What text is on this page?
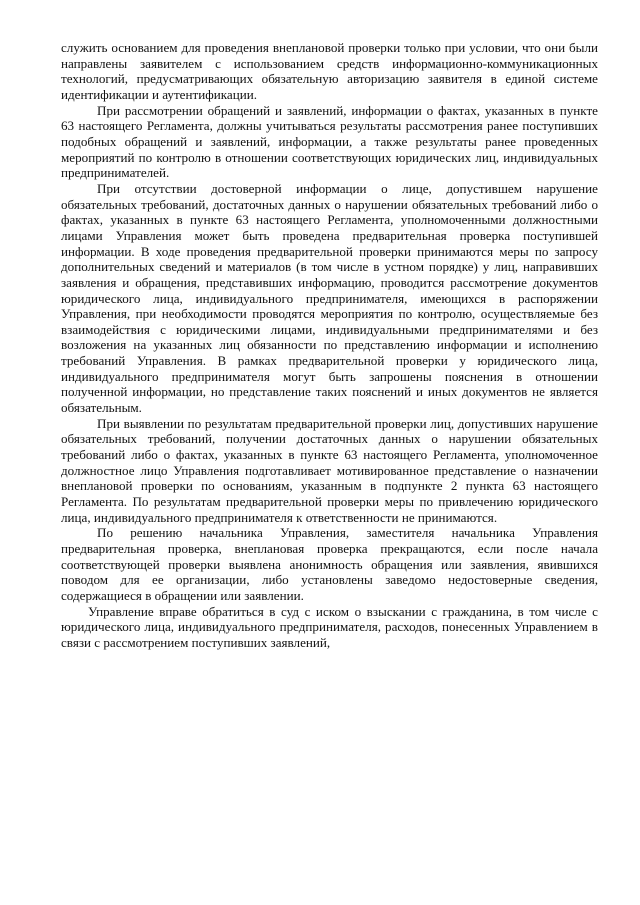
служить основанием для проведения внеплановой проверки только при условии, что они были направлены заявителем с использованием средств информационно-коммуникационных технологий, предусматривающих обязательную авторизацию заявителя в единой системе идентификации и аутентификации.

При рассмотрении обращений и заявлений, информации о фактах, указанных в пункте 63 настоящего Регламента, должны учитываться результаты рассмотрения ранее поступивших подобных обращений и заявлений, информации, а также результаты ранее проведенных мероприятий по контролю в отношении соответствующих юридических лиц, индивидуальных предпринимателей.

При отсутствии достоверной информации о лице, допустившем нарушение обязательных требований, достаточных данных о нарушении обязательных требований либо о фактах, указанных в пункте 63 настоящего Регламента, уполномоченными должностными лицами Управления может быть проведена предварительная проверка поступившей информации. В ходе проведения предварительной проверки принимаются меры по запросу дополнительных сведений и материалов (в том числе в устном порядке) у лиц, направивших заявления и обращения, представивших информацию, проводится рассмотрение документов юридического лица, индивидуального предпринимателя, имеющихся в распоряжении Управления, при необходимости проводятся мероприятия по контролю, осуществляемые без взаимодействия с юридическими лицами, индивидуальными предпринимателями и без возложения на указанных лиц обязанности по представлению информации и исполнению требований Управления. В рамках предварительной проверки у юридического лица, индивидуального предпринимателя могут быть запрошены пояснения в отношении полученной информации, но представление таких пояснений и иных документов не является обязательным.

При выявлении по результатам предварительной проверки лиц, допустивших нарушение обязательных требований, получении достаточных данных о нарушении обязательных требований либо о фактах, указанных в пункте 63 настоящего Регламента, уполномоченное должностное лицо Управления подготавливает мотивированное представление о назначении внеплановой проверки по основаниям, указанным в подпункте 2 пункта 63 настоящего Регламента. По результатам предварительной проверки меры по привлечению юридического лица, индивидуального предпринимателя к ответственности не принимаются.

По решению начальника Управления, заместителя начальника Управления предварительная проверка, внеплановая проверка прекращаются, если после начала соответствующей проверки выявлена анонимность обращения или заявления, явившихся поводом для ее организации, либо установлены заведомо недостоверные сведения, содержащиеся в обращении или заявлении.

Управление вправе обратиться в суд с иском о взыскании с гражданина, в том числе с юридического лица, индивидуального предпринимателя, расходов, понесенных Управлением в связи с рассмотрением поступивших заявлений,
